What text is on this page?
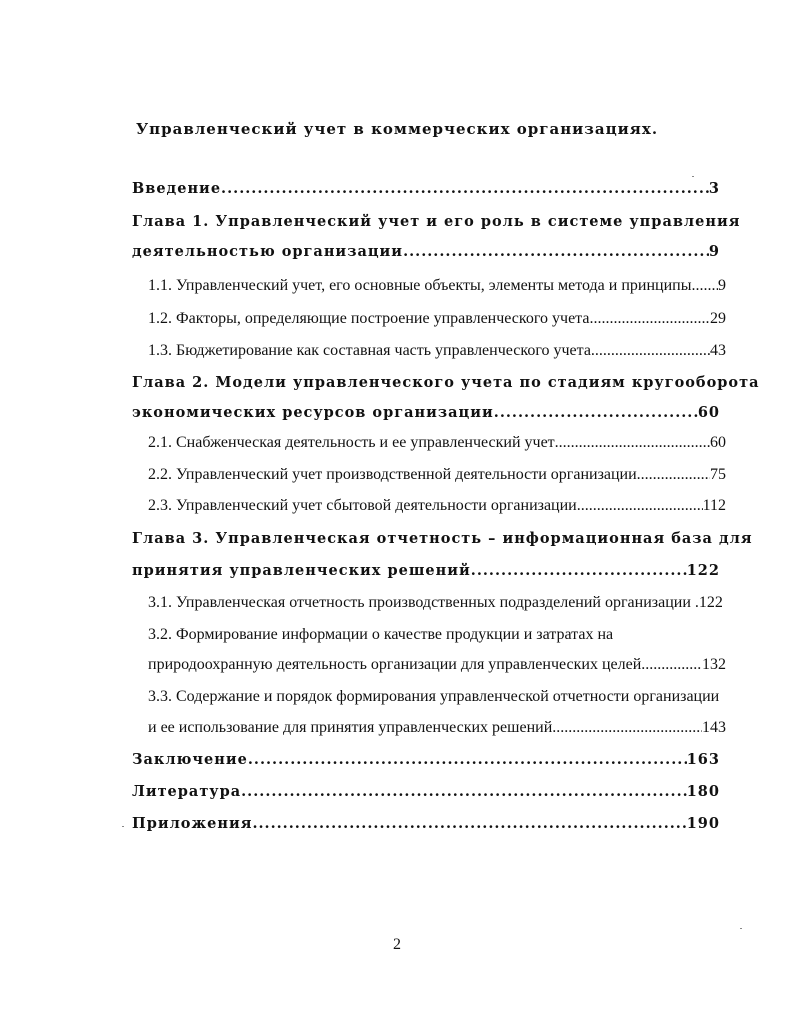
Управленческий учет в коммерческих организациях.
Введение .....	3
Глава 1. Управленческий учет и его роль в системе управления
деятельностью организации .....	9
1.1. Управленческий учет, его основные объекты, элементы метода и принципы. ..... 9
1.2. Факторы, определяющие построение управленческого учета .....	29
1.3. Бюджетирование как составная часть управленческого учета .....	43
Глава 2. Модели управленческого учета по стадиям кругооборота
экономических ресурсов организации .....	60
2.1. Снабженческая деятельность и ее управленческий учет .....	60
2.2. Управленческий учет производственной деятельности организации .....	75
2.3. Управленческий учет сбытовой деятельности организации .....	112
Глава 3. Управленческая отчетность – информационная база для
принятия управленческих решений .....	122
3.1. Управленческая отчетность производственных подразделений организации . 122
3.2. Формирование информации о качестве продукции и затратах на
природоохранную деятельность организации для управленческих целей .....	132
3.3. Содержание и порядок формирования управленческой отчетности организации
и ее использование для принятия управленческих решений .....	143
Заключение .....	163
Литература .....	180
Приложения .....	190
2
